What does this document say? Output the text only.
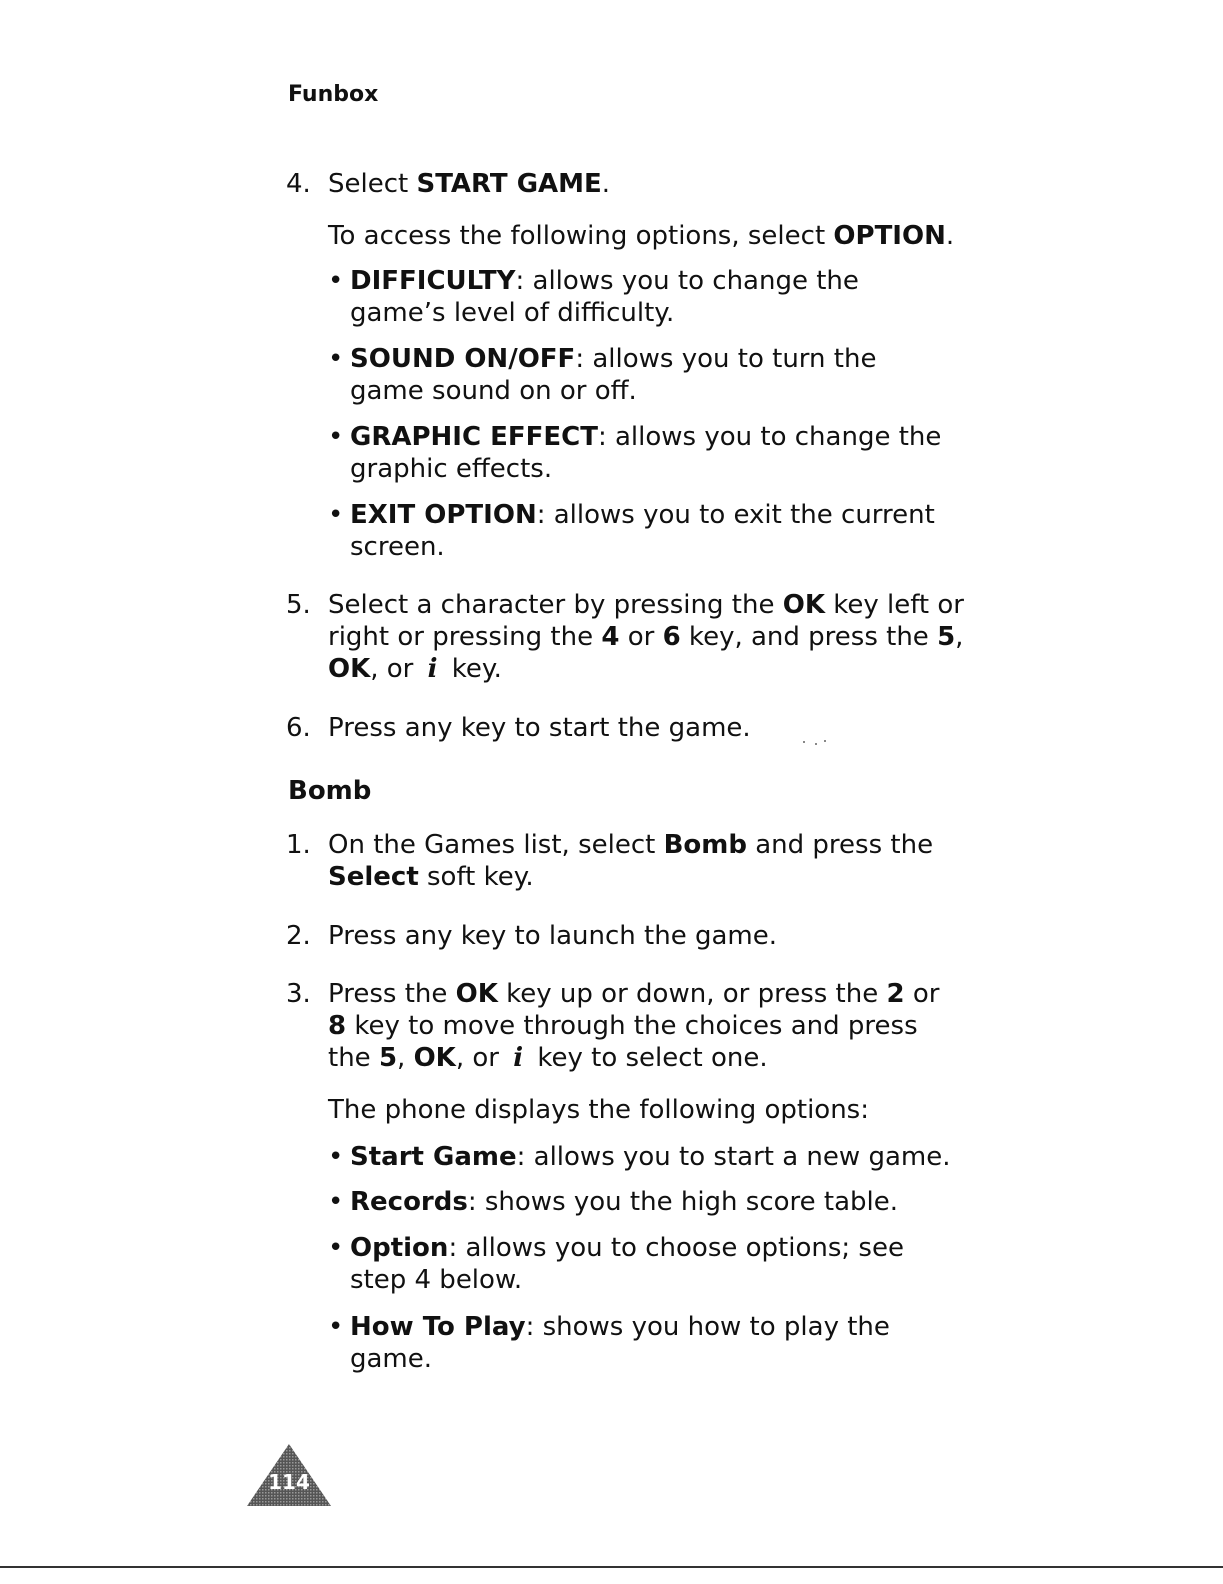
Funbox
4. Select START GAME.
To access the following options, select OPTION.
• DIFFICULTY: allows you to change the
game’s level of difficulty.
• SOUND ON/OFF: allows you to turn the
game sound on or off.
• GRAPHIC EFFECT: allows you to change the
graphic effects.
• EXIT OPTION: allows you to exit the current
screen.
5. Select a character by pressing the OK key left or
right or pressing the 4 or 6 key, and press the 5,
OK, or i key.
6. Press any key to start the game.
Bomb
1. On the Games list, select Bomb and press the
Select soft key.
2. Press any key to launch the game.
3. Press the OK key up or down, or press the 2 or
8 key to move through the choices and press
the 5, OK, or i key to select one.
The phone displays the following options:
• Start Game: allows you to start a new game.
• Records: shows you the high score table.
• Option: allows you to choose options; see
step 4 below.
• How To Play: shows you how to play the
game.
114
